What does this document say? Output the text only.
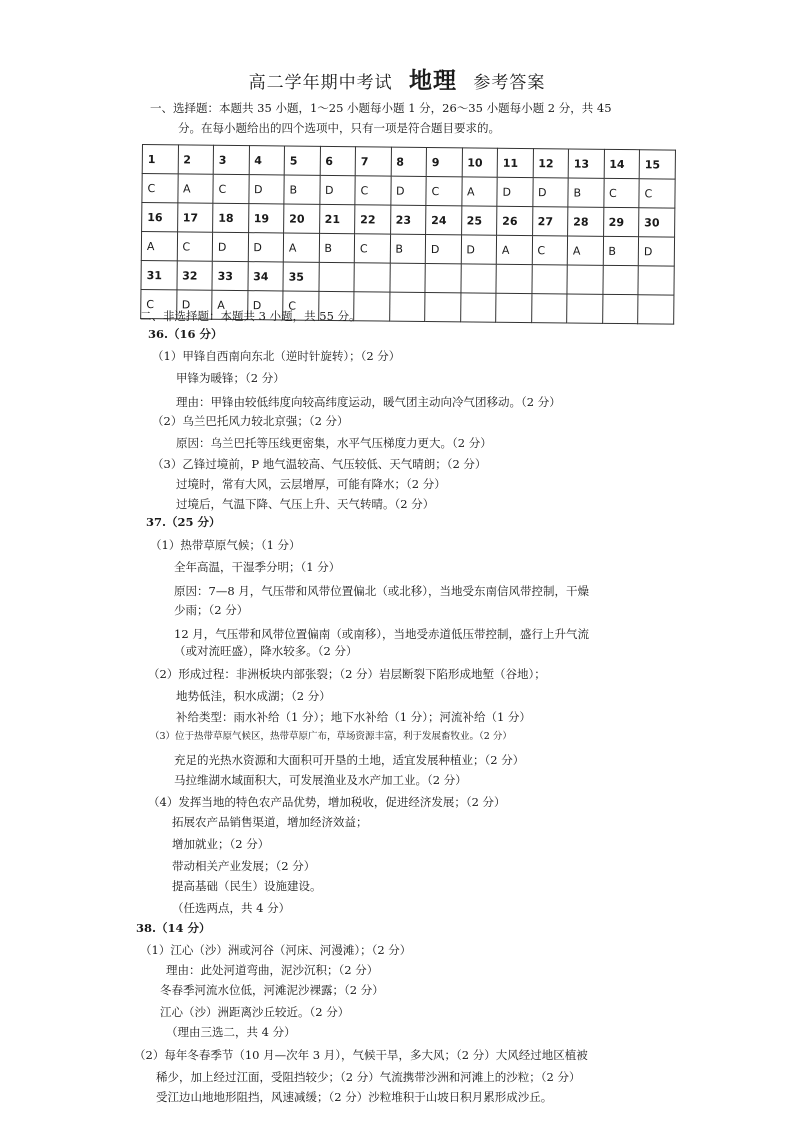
高二学年期中考试 地理 参考答案
一、选择题：本题共 35 小题，1～25 小题每小题 1 分，26～35 小题每小题 2 分，共 45
分。在每小题给出的四个选项中，只有一项是符合题目要求的。
1	2	3	4	5	6	7	8	9	10	11	12	13	14	15
C	A	C	D	B	D	C	D	C	A	D	D	B	C	C
16	17	18	19	20	21	22	23	24	25	26	27	28	29	30
A	C	D	D	A	B	C	B	D	D	A	C	A	B	D
31	32	33	34	35										
C	D	A	D	C										
二、非选择题：本题共 3 小题，共 55 分。
36.（16 分）
（1）甲锋自西南向东北（逆时针旋转）；（2 分）
甲锋为暖锋；（2 分）
理由：甲锋由较低纬度向较高纬度运动，暖气团主动向冷气团移动。（2 分）
（2）乌兰巴托风力较北京强；（2 分）
原因：乌兰巴托等压线更密集，水平气压梯度力更大。（2 分）
（3）乙锋过境前，P 地气温较高、气压较低、天气晴朗；（2 分）
过境时，常有大风，云层增厚，可能有降水；（2 分）
过境后，气温下降、气压上升、天气转晴。（2 分）
37.（25 分）
（1）热带草原气候；（1 分）
全年高温，干湿季分明；（1 分）
原因：7—8 月，气压带和风带位置偏北（或北移），当地受东南信风带控制，干燥
少雨；（2 分）
12 月，气压带和风带位置偏南（或南移），当地受赤道低压带控制，盛行上升气流
（或对流旺盛），降水较多。（2 分）
（2）形成过程：非洲板块内部张裂；（2 分）岩层断裂下陷形成地堑（谷地）；
地势低洼，积水成湖；（2 分）
补给类型：雨水补给（1 分）；地下水补给（1 分）；河流补给（1 分）
（3）位于热带草原气候区，热带草原广布，草场资源丰富，利于发展畜牧业。（2 分）
充足的光热水资源和大面积可开垦的土地，适宜发展种植业；（2 分）
马拉维湖水域面积大，可发展渔业及水产加工业。（2 分）
（4）发挥当地的特色农产品优势，增加税收，促进经济发展；（2 分）
拓展农产品销售渠道，增加经济效益；
增加就业；（2 分）
带动相关产业发展；（2 分）
提高基础（民生）设施建设。
（任选两点，共 4 分）
38.（14 分）
（1）江心（沙）洲或河谷（河床、河漫滩）；（2 分）
理由：此处河道弯曲，泥沙沉积；（2 分）
冬春季河流水位低，河滩泥沙裸露；（2 分）
江心（沙）洲距离沙丘较近。（2 分）
（理由三选二，共 4 分）
（2）每年冬春季节（10 月—次年 3 月），气候干旱，多大风；（2 分）大风经过地区植被
稀少，加上经过江面，受阻挡较少；（2 分）气流携带沙洲和河滩上的沙粒；（2 分）
受江边山地地形阻挡，风速减缓；（2 分）沙粒堆积于山坡日积月累形成沙丘。
